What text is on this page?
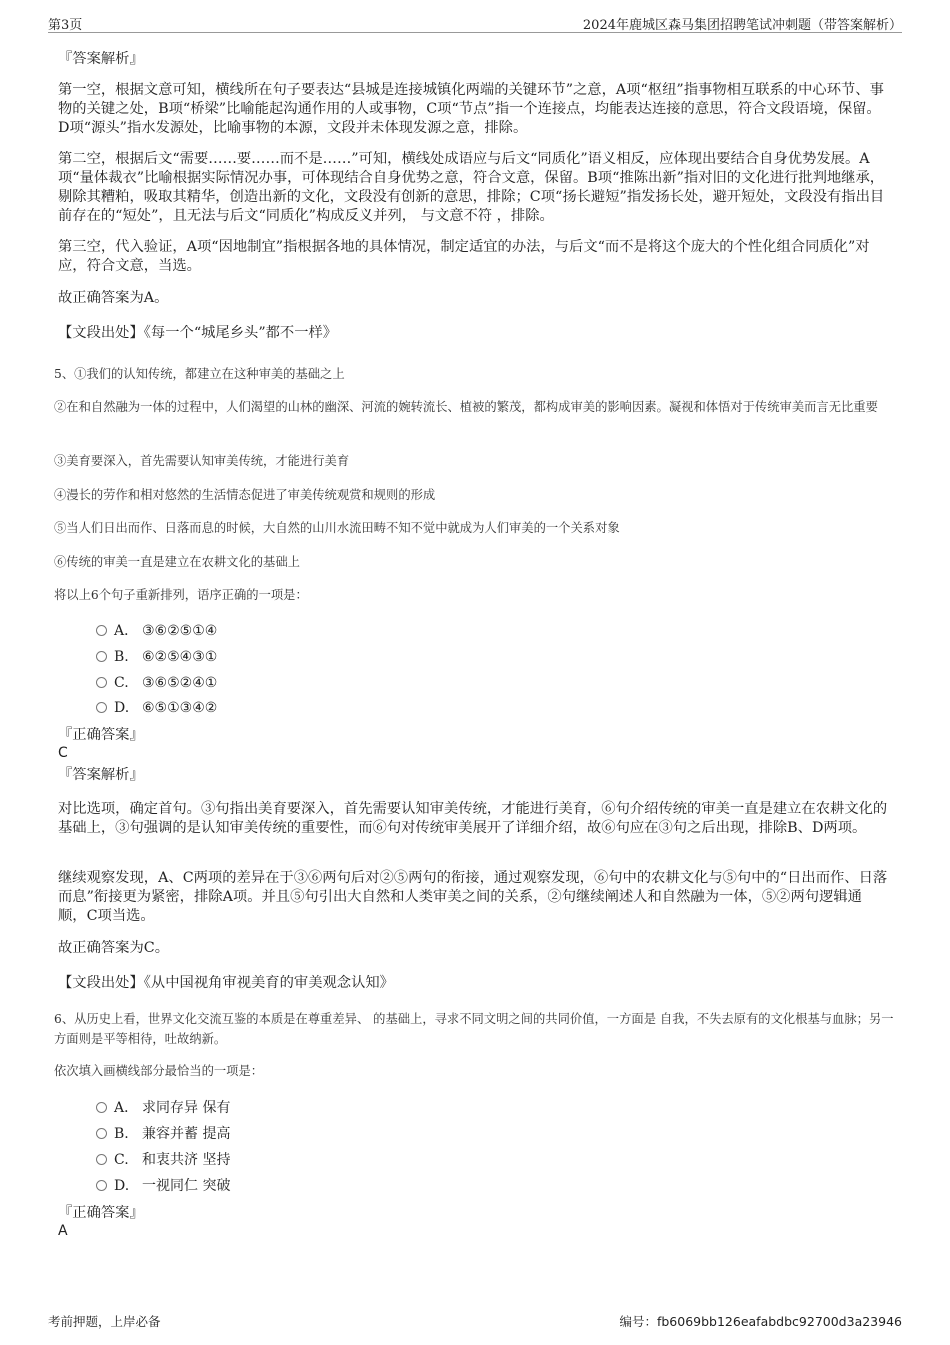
第3页	2024年鹿城区森马集团招聘笔试冲刺题（带答案解析）
『答案解析』

第一空，根据文意可知，横线所在句子要表达“县城是连接城镇化两端的关键环节”之意，A项“枢纽”指事物相互联系的中心环节、事物的关键之处，B项“桥梁”比喻能起沟通作用的人或事物，C项“节点”指一个连接点，均能表达连接的意思，符合文段语境，保留。D项“源头”指水发源处，比喻事物的本源，文段并未体现发源之意，排除。

第二空，根据后文“需要……要……而不是……”可知，横线处成语应与后文“同质化”语义相反，应体现出要结合自身优势发展。A项“量体裁衣”比喻根据实际情况办事，可体现结合自身优势之意，符合文意，保留。B项“推陈出新”指对旧的文化进行批判地继承，剔除其糟粕，吸取其精华，创造出新的文化，文段没有创新的意思，排除；C项“扬长避短”指发扬长处，避开短处，文段没有指出目前存在的“短处”，且无法与后文“同质化”构成反义并列， 与文意不符 ，排除。

第三空，代入验证，A项“因地制宜”指根据各地的具体情况，制定适宜的办法，与后文“而不是将这个庞大的个性化组合同质化”对应，符合文意，当选。

故正确答案为A。

【文段出处】《每一个“城尾乡头”都不一样》
5、①我们的认知传统，都建立在这种审美的基础之上
②在和自然融为一体的过程中，人们渴望的山林的幽深、河流的婉转流长、植被的繁茂，都构成审美的影响因素。凝视和体悟对于传统审美而言无比重要
③美育要深入，首先需要认知审美传统，才能进行美育
④漫长的劳作和相对悠然的生活情态促进了审美传统观赏和规则的形成
⑤当人们日出而作、日落而息的时候，大自然的山川水流田畴不知不觉中就成为人们审美的一个关系对象
⑥传统的审美一直是建立在农耕文化的基础上
将以上6个句子重新排列，语序正确的一项是：
A． ③⑥②⑤①④
B. ⑥②⑤④③①
C. ③⑥⑤②④①
D. ⑥⑤①③④②
『正确答案』
C
『答案解析』

对比选项，确定首句。③句指出美育要深入，首先需要认知审美传统，才能进行美育，⑥句介绍传统的审美一直是建立在农耕文化的基础上，③句强调的是认知审美传统的重要性，而⑥句对传统审美展开了详细介绍，故⑥句应在③句之后出现，排除B、D两项。

继续观察发现，A、C两项的差异在于③⑥两句后对②⑤两句的衔接，通过观察发现，⑥句中的农耕文化与⑤句中的“日出而作、日落而息”衔接更为紧密，排除A项。并且⑤句引出大自然和人类审美之间的关系，②句继续阐述人和自然融为一体，⑤②两句逻辑通顺，C项当选。

故正确答案为C。

【文段出处】《从中国视角审视美育的审美观念认知》
6、从历史上看，世界文化交流互鉴的本质是在尊重差异、 的基础上，寻求不同文明之间的共同价值，一方面是 自我，不失去原有的文化根基与血脉；另一方面则是平等相待，吐故纳新。
依次填入画横线部分最恰当的一项是：
A． 求同存异 保有
B. 兼容并蓄 提高
C. 和衷共济 坚持
D. 一视同仁 突破
『正确答案』
A
考前押题，上岸必备	编号：fb6069bb126eafabdbc92700d3a23946
